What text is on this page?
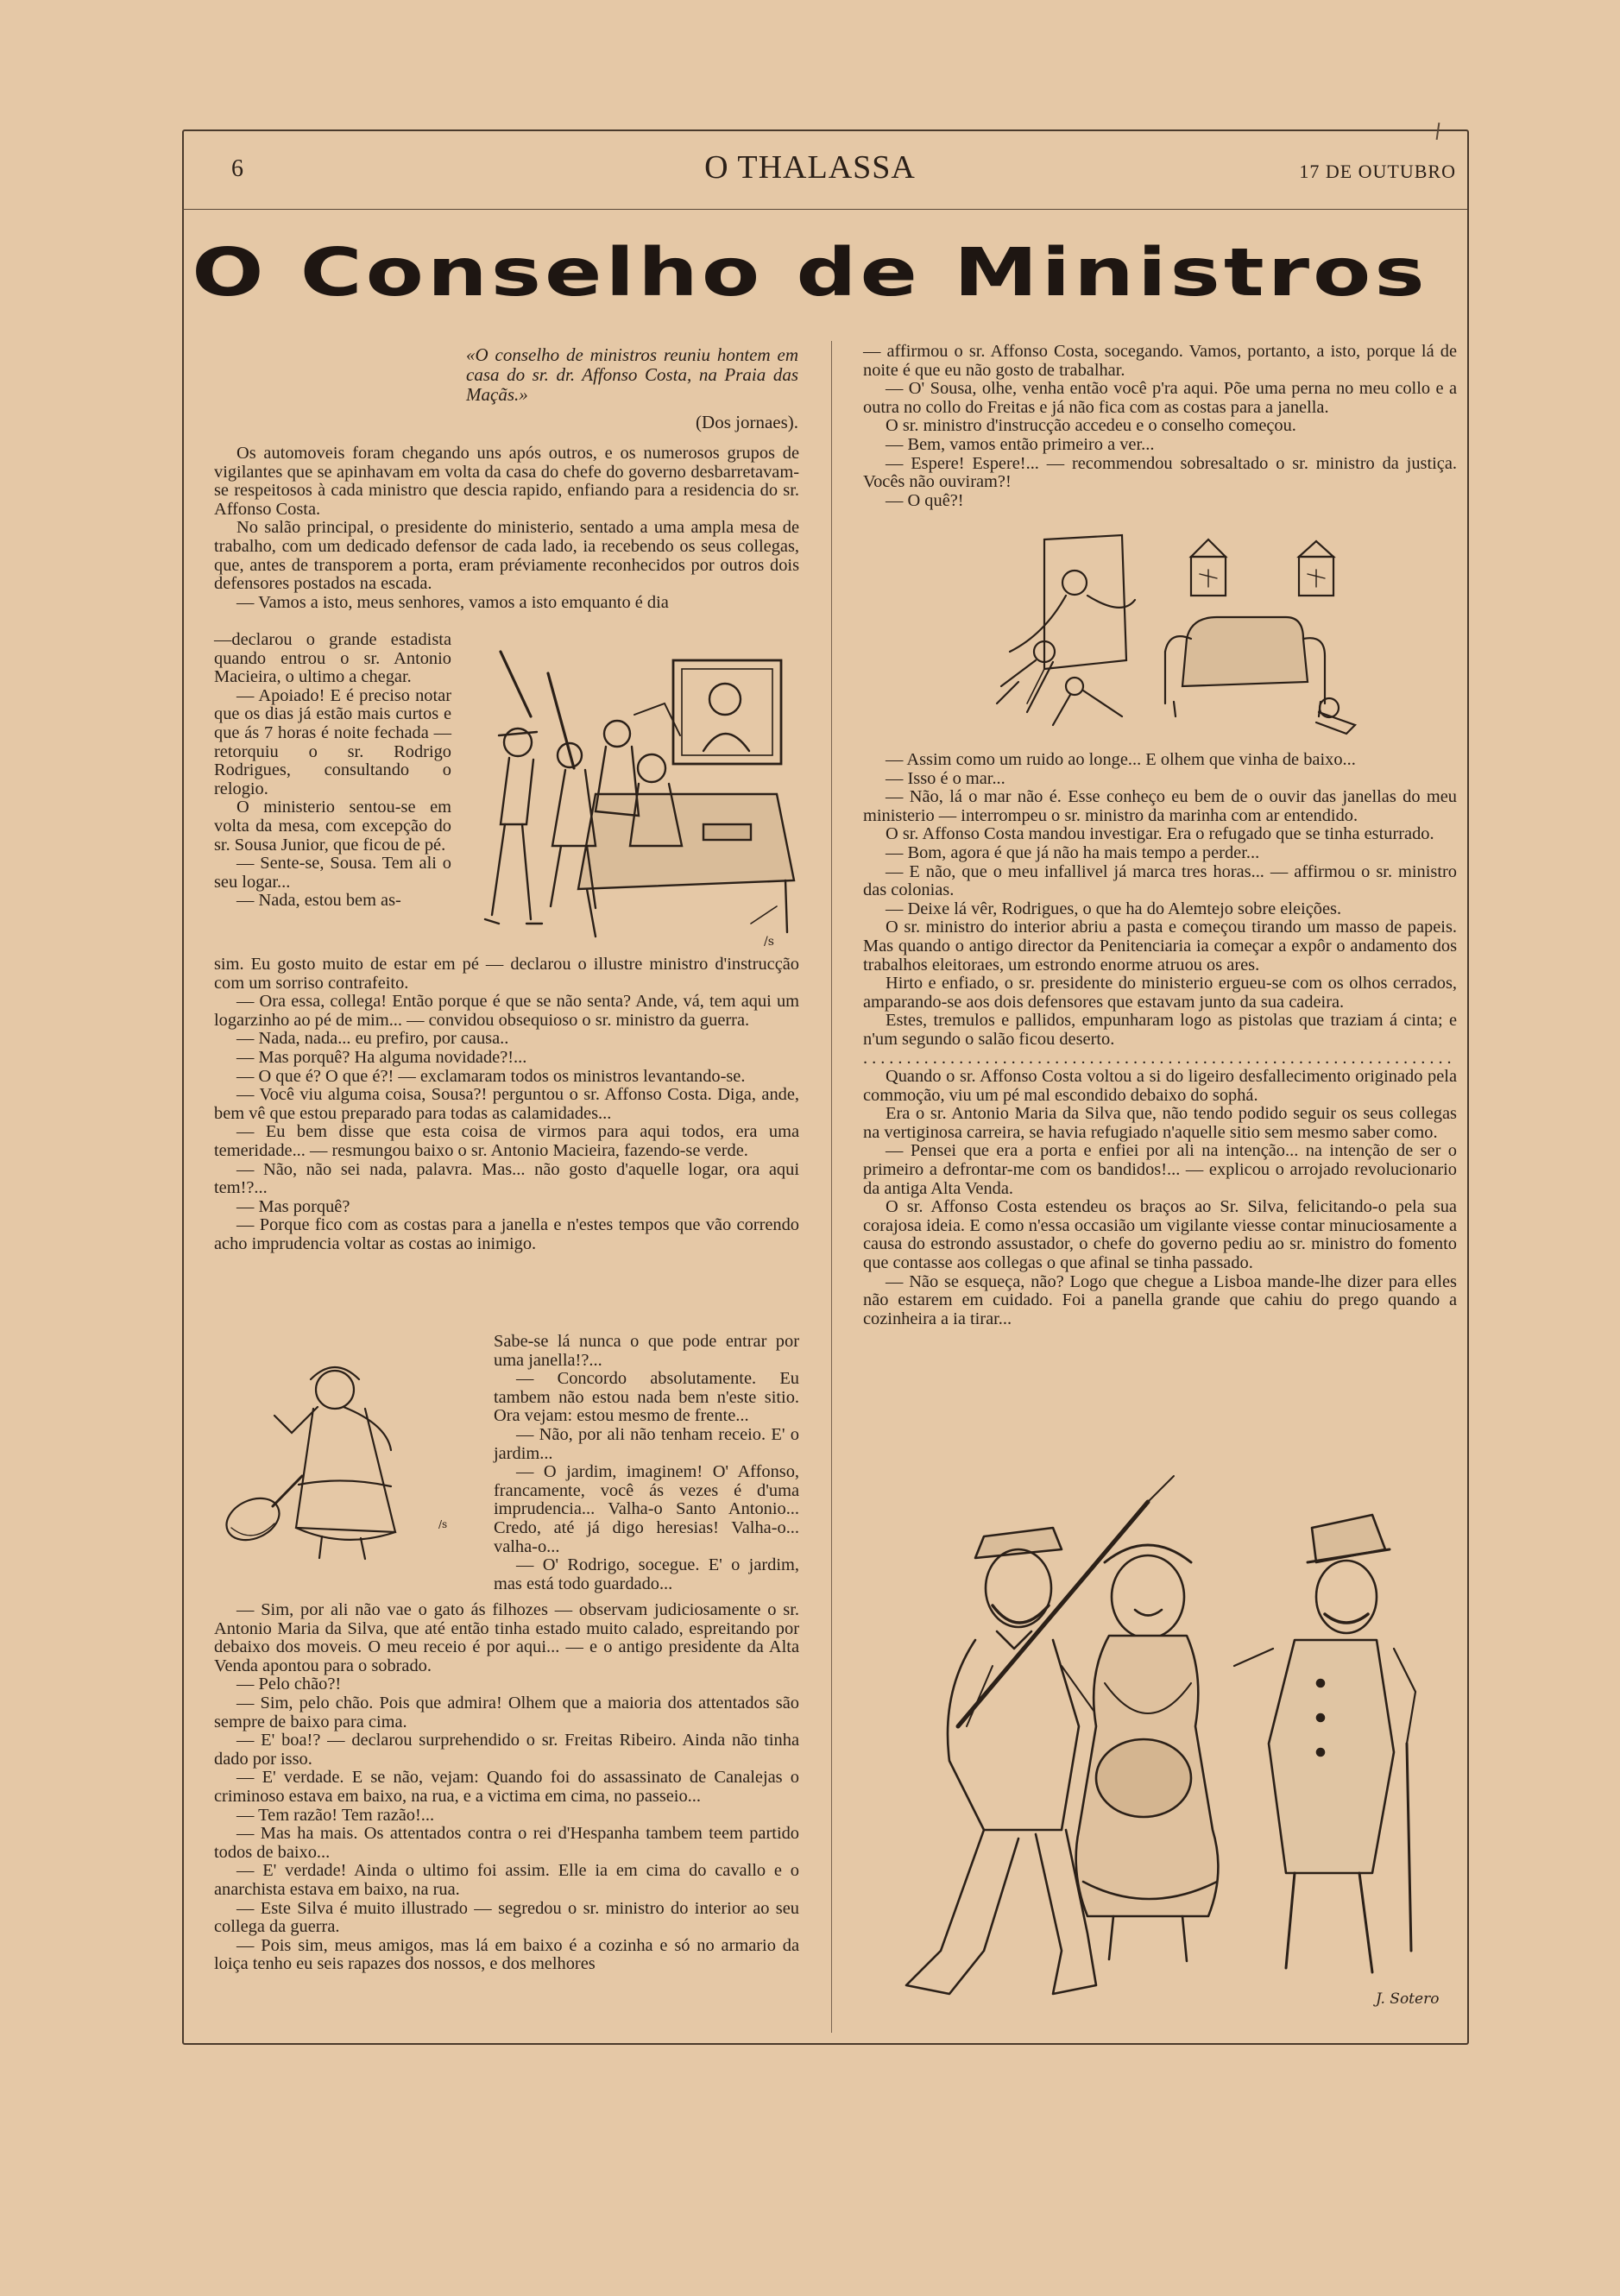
6	O THALASSA	17 DE OUTUBRO
O Conselho de Ministros
«O conselho de ministros reuniu hontem em casa do sr. dr. Affonso Costa, na Praia das Maçãs.»
(Dos jornaes).

Os automoveis foram chegando uns após outros, e os numerosos grupos de vigilantes que se apinhavam em volta da casa do chefe do governo desbarretavam-se respeitosos à cada ministro que descia rapido, enfiando para a residencia do sr. Affonso Costa.

No salão principal, o presidente do ministerio, sentado a uma ampla mesa de trabalho, com um dedicado defensor de cada lado, ia recebendo os seus collegas, que, antes de transporem a porta, eram préviamente reconhecidos por outros dois defensores postados na escada.

— Vamos a isto, meus senhores, vamos a isto emquanto é dia

—declarou o grande estadista quando entrou o sr. Antonio Macieira, o ultimo a chegar.

— Apoiado! E é preciso notar que os dias já estão mais curtos e que ás 7 horas é noite fechada — retorquiu o sr. Rodrigo Rodrigues, consultando o relogio.

O ministerio sentou-se em volta da mesa, com excepção do sr. Sousa Junior, que ficou de pé.

— Sente-se, Sousa. Tem ali o seu logar...

— Nada, estou bem as-

/s

sim. Eu gosto muito de estar em pé — declarou o illustre ministro d'instrucção com um sorriso contrafeito.

— Ora essa, collega! Então porque é que se não senta? Ande, vá, tem aqui um logarzinho ao pé de mim... — convidou obsequioso o sr. ministro da guerra.

— Nada, nada... eu prefiro, por causa..

— Mas porquê? Ha alguma novidade?!...

— O que é? O que é?! — exclamaram todos os ministros levantando-se.

— Você viu alguma coisa, Sousa?! perguntou o sr. Affonso Costa. Diga, ande, bem vê que estou preparado para todas as calamidades...

— Eu bem disse que esta coisa de virmos para aqui todos, era uma temeridade... — resmungou baixo o sr. Antonio Macieira, fazendo-se verde.

— Não, não sei nada, palavra. Mas... não gosto d'aquelle logar, ora aqui tem!?...

— Mas porquê?

— Porque fico com as costas para a janella e n'estes tempos que vão correndo acho imprudencia voltar as costas ao inimigo.

/s

Sabe-se lá nunca o que pode entrar por uma janella!?...

— Concordo absolutamente. Eu tambem não estou nada bem n'este sitio. Ora vejam: estou mesmo de frente...

— Não, por ali não tenham receio. E' o jardim...

— O jardim, imaginem! O' Affonso, francamente, você ás vezes é d'uma imprudencia... Valha-o Santo Antonio... Credo, até já digo heresias! Valha-o... valha-o...

— O' Rodrigo, socegue. E' o jardim, mas está todo guardado...

— Sim, por ali não vae o gato ás filhozes — observam judiciosamente o sr. Antonio Maria da Silva, que até então tinha estado muito calado, espreitando por debaixo dos moveis. O meu receio é por aqui... — e o antigo presidente da Alta Venda apontou para o sobrado.

— Pelo chão?!

— Sim, pelo chão. Pois que admira! Olhem que a maioria dos attentados são sempre de baixo para cima.

— E' boa!? — declarou surprehendido o sr. Freitas Ribeiro. Ainda não tinha dado por isso.

— E' verdade. E se não, vejam: Quando foi do assassinato de Canalejas o criminoso estava em baixo, na rua, e a victima em cima, no passeio...

— Tem razão! Tem razão!...

— Mas ha mais. Os attentados contra o rei d'Hespanha tambem teem partido todos de baixo...

— E' verdade! Ainda o ultimo foi assim. Elle ia em cima do cavallo e o anarchista estava em baixo, na rua.

— Este Silva é muito illustrado — segredou o sr. ministro do interior ao seu collega da guerra.

— Pois sim, meus amigos, mas lá em baixo é a cozinha e só no armario da loiça tenho eu seis rapazes dos nossos, e dos melhores

— affirmou o sr. Affonso Costa, socegando. Vamos, portanto, a isto, porque lá de noite é que eu não gosto de trabalhar.

— O' Sousa, olhe, venha então você p'ra aqui. Põe uma perna no meu collo e a outra no collo do Freitas e já não fica com as costas para a janella.

O sr. ministro d'instrucção accedeu e o conselho começou.

— Bem, vamos então primeiro a ver...

— Espere! Espere!... — recommendou sobresaltado o sr. ministro da justiça. Vocês não ouviram?!

— O quê?!

— Assim como um ruido ao longe... E olhem que vinha de baixo...

— Isso é o mar...

— Não, lá o mar não é. Esse conheço eu bem de o ouvir das janellas do meu ministerio — interrompeu o sr. ministro da marinha com ar entendido.

O sr. Affonso Costa mandou investigar. Era o refugado que se tinha esturrado.

— Bom, agora é que já não ha mais tempo a perder...

— E não, que o meu infallivel já marca tres horas... — affirmou o sr. ministro das colonias.

— Deixe lá vêr, Rodrigues, o que ha do Alemtejo sobre eleições.

O sr. ministro do interior abriu a pasta e começou tirando um masso de papeis. Mas quando o antigo director da Penitenciaria ia começar a expôr o andamento dos trabalhos eleitoraes, um estrondo enorme atruou os ares.

Hirto e enfiado, o sr. presidente do ministerio ergueu-se com os olhos cerrados, amparando-se aos dois defensores que estavam junto da sua cadeira.

Estes, tremulos e pallidos, empunharam logo as pistolas que traziam á cinta; e n'um segundo o salão ficou deserto.

....................................................................

Quando o sr. Affonso Costa voltou a si do ligeiro desfallecimento originado pela commoção, viu um pé mal escondido debaixo do sophá.

Era o sr. Antonio Maria da Silva que, não tendo podido seguir os seus collegas na vertiginosa carreira, se havia refugiado n'aquelle sitio sem mesmo saber como.

— Pensei que era a porta e enfiei por ali na intenção... na intenção de ser o primeiro a defrontar-me com os bandidos!... — explicou o arrojado revolucionario da antiga Alta Venda.

O sr. Affonso Costa estendeu os braços ao Sr. Silva, felicitando-o pela sua corajosa ideia. E como n'essa occasião um vigilante viesse contar minuciosamente a causa do estrondo assustador, o chefe do governo pediu ao sr. ministro do fomento que contasse aos collegas o que afinal se tinha passado.

— Não se esqueça, não? Logo que chegue a Lisboa mande-lhe dizer para elles não estarem em cuidado. Foi a panella grande que cahiu do prego quando a cozinheira a ia tirar...

J. Sotero
